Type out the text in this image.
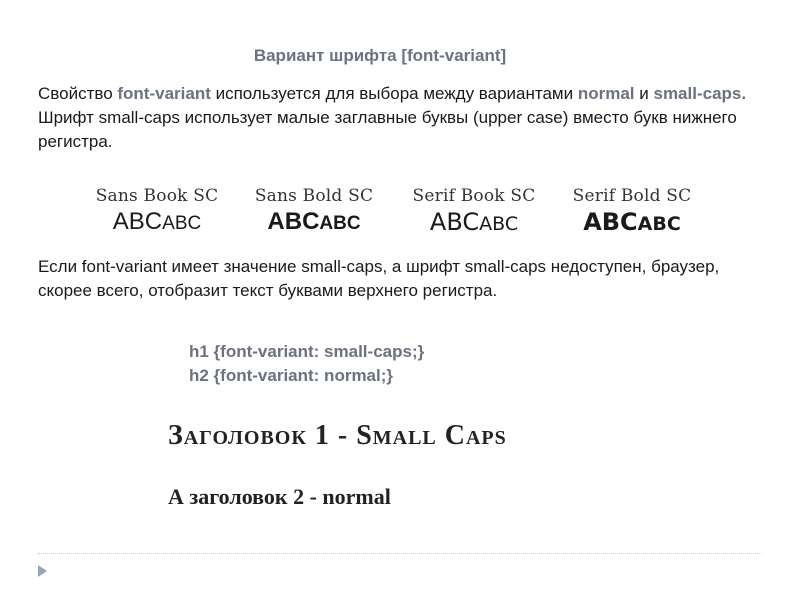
Вариант шрифта [font-variant]
Свойство font-variant используется для выбора между вариантами normal и small-caps. Шрифт small-caps использует малые заглавные буквы (upper case) вместо букв нижнего регистра.
Sans Book SC
ABCABC
Sans Bold SC
ABCABC
Serif Book SC
ABCABC
Serif Bold SC
ABCABC
Если font-variant имеет значение small-caps, а шрифт small-caps недоступен, браузер, скорее всего, отобразит текст буквами верхнего регистра.
h1 {font-variant: small-caps;}
h2 {font-variant: normal;}
Заголовок 1 - Small Caps
А заголовок 2 - normal
